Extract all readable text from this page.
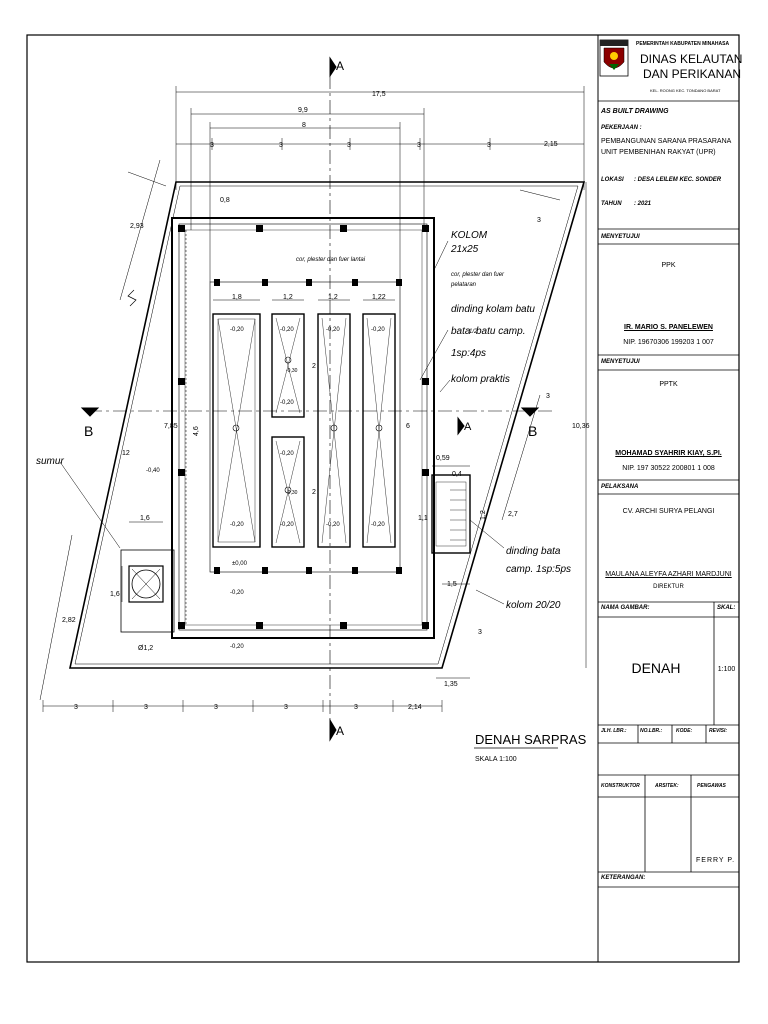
A
A
B	B
A
17,5
9,9
8
3	3	3	3
3	2,15
0,8
2,93
12
2,82
7,85 4,6	10,36
6
2
2
1,8	1,2	1,2	1,22
1,6
1,6
Ø1,2
1,5
1,1	1,2
1,35
0,59
0,4
2,7
3
3
3
3	3	3	3	3	2,14
-0,20	-0,20	-0,20	-0,20
-0,20
-0,20
-0,20	-0,20	-0,20	-0,20
-0,30
-0,30
±0,00
-0,20
-0,20
-0,40
KOLOM
21x25
cor, plester dan fuer lantai
cor, plester dan fuer
pelataran
dinding kolam batu
bata
1/2
batu camp.
1sp:4ps
kolom praktis
sumur
dinding bata
camp. 1sp:5ps
kolom 20/20
DENAH SARPRAS
SKALA 1:100
PEMERINTAH KABUPATEN MINAHASA
DINAS KELAUTAN
DAN PERIKANAN
KEL. ROONG KEC. TONDANO BARAT
AS BUILT DRAWING
PEKERJAAN :
PEMBANGUNAN SARANA PRASARANA
UNIT PEMBENIHAN RAKYAT (UPR)
LOKASI : DESA LEILEM KEC. SONDER
TAHUN : 2021
MENYETUJUI
PPK
IR. MARIO S. PANELEWEN
NIP. 19670306 199203 1 007
MENYETUJUI
PPTK
MOHAMAD SYAHRIR KIAY, S.PI.
NIP. 197 30522 200801 1 008
PELAKSANA
CV. ARCHI SURYA PELANGI
MAULANA ALEYFA AZHARI MARDJUNI
DIREKTUR
NAMA GAMBAR:	SKAL:
DENAH	1:100
JLH. LBR.:	NO.LBR.:	KODE:	REVISI:
KONSTRUKTOR	ARSITEK:	PENGAWAS
FERRY P.
KETERANGAN:
